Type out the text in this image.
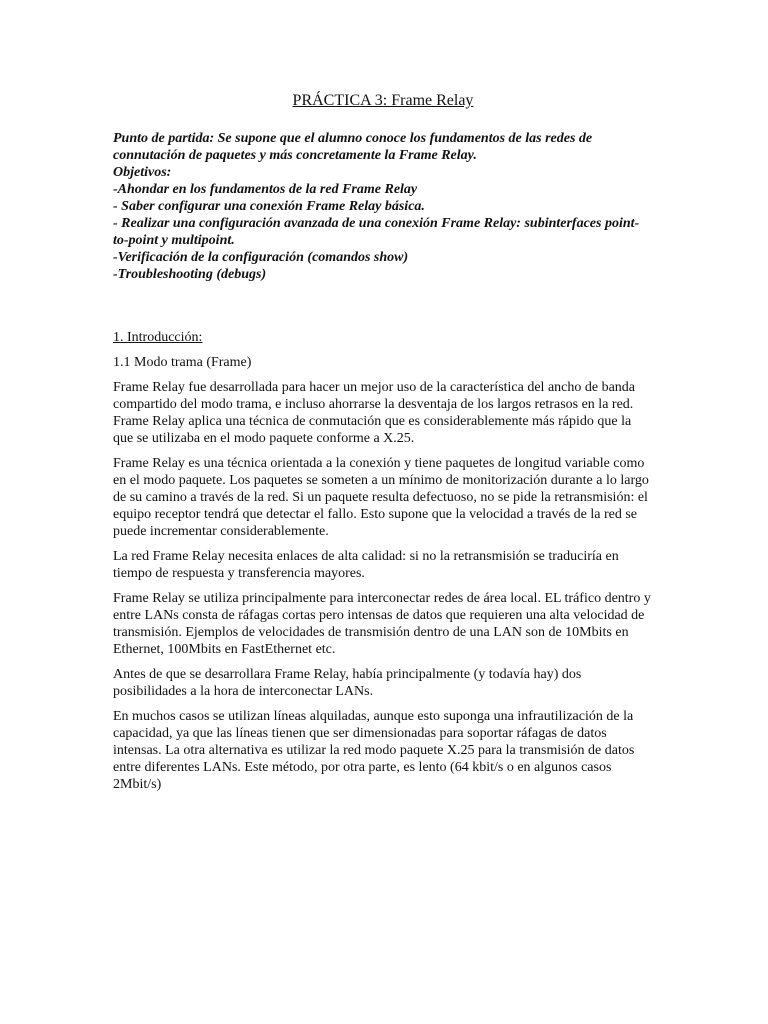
PRÁCTICA 3: Frame Relay

Punto de partida: Se supone que el alumno conoce los fundamentos de las redes de connutación de paquetes y más concretamente la Frame Relay.

Objetivos:

-Ahondar en los fundamentos de la red Frame Relay

- Saber configurar una conexión Frame Relay básica.

- Realizar una configuración avanzada de una conexión Frame Relay: subinterfaces point-to-point y multipoint.

-Verificación de la configuración (comandos show)

-Troubleshooting (debugs)

1. Introducción:

1.1 Modo trama (Frame)

Frame Relay fue desarrollada para hacer un mejor uso de la característica del ancho de banda compartido del modo trama, e incluso ahorrarse la desventaja de los largos retrasos en la red. Frame Relay aplica una técnica de conmutación que es considerablemente más rápido que la que se utilizaba en el modo paquete conforme a X.25.

Frame Relay es una técnica orientada a la conexión y tiene paquetes de longitud variable como en el modo paquete. Los paquetes se someten a un mínimo de monitorización durante a lo largo de su camino a través de la red. Si un paquete resulta defectuoso, no se pide la retransmisión: el equipo receptor tendrá que detectar el fallo. Esto supone que la velocidad a través de la red se puede incrementar considerablemente.

La red Frame Relay necesita enlaces de alta calidad: si no la retransmisión se traduciría en tiempo de respuesta y transferencia mayores.

Frame Relay se utiliza principalmente para interconectar redes de área local. EL tráfico dentro y entre LANs consta de ráfagas cortas pero intensas de datos que requieren una alta velocidad de transmisión. Ejemplos de velocidades de transmisión dentro de una LAN son de 10Mbits en Ethernet, 100Mbits en FastEthernet etc.

Antes de que se desarrollara Frame Relay, había principalmente (y todavía hay) dos posibilidades a la hora de interconectar LANs.

En muchos casos se utilizan líneas alquiladas, aunque esto suponga una infrautilización de la capacidad, ya que las líneas tienen que ser dimensionadas para soportar ráfagas de datos intensas. La otra alternativa es utilizar la red modo paquete X.25 para la transmisión de datos entre diferentes LANs. Este método, por otra parte, es lento (64 kbit/s o en algunos casos 2Mbit/s)
